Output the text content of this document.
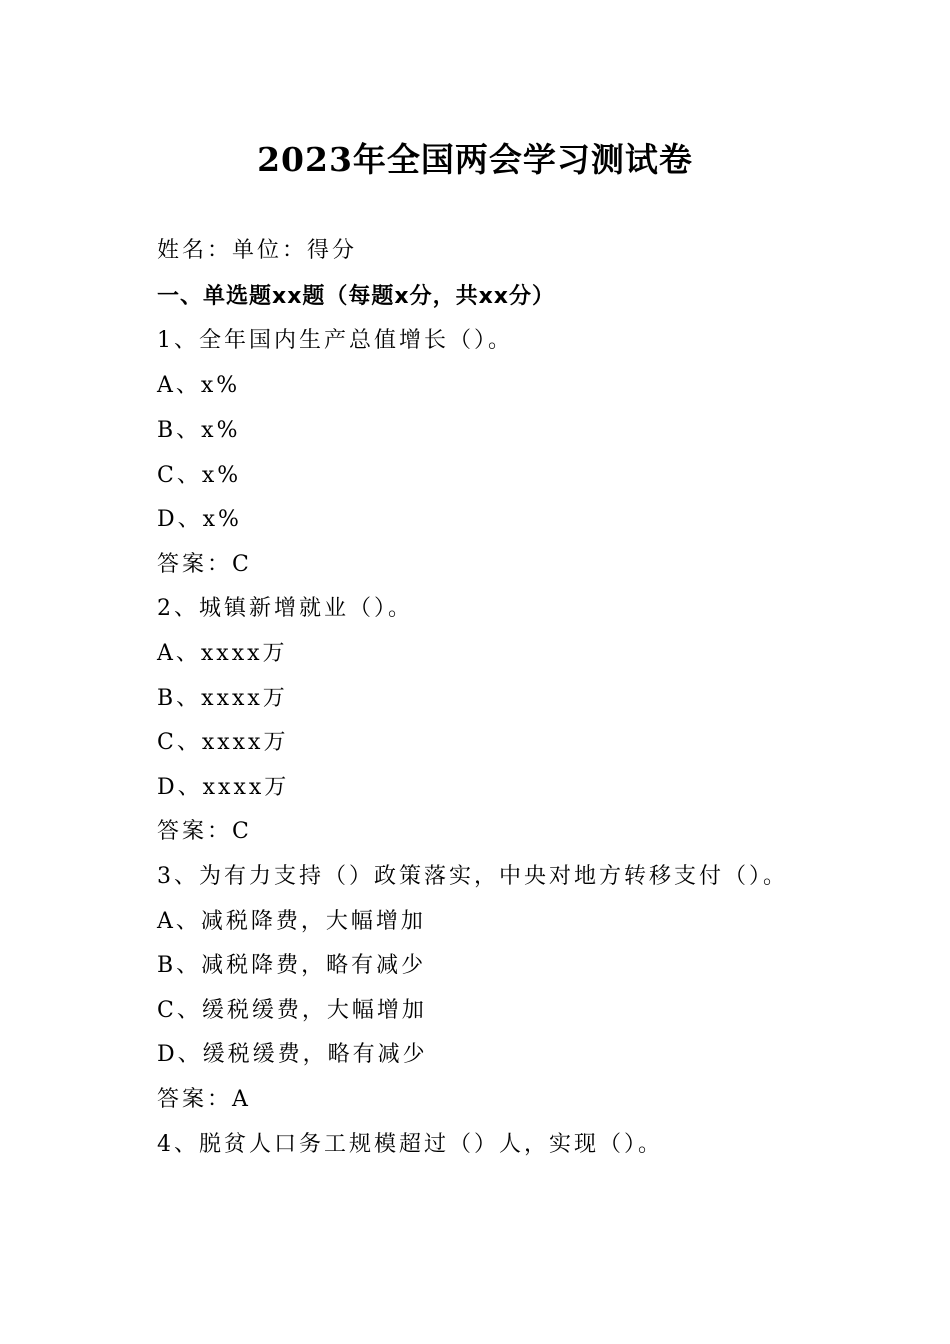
2023年全国两会学习测试卷
姓名：单位：得分
一、单选题xx题（每题x分，共xx分）
1、全年国内生产总值增长（）。
A、x%
B、x%
C、x%
D、x%
答案：C
2、城镇新增就业（）。
A、xxxx万
B、xxxx万
C、xxxx万
D、xxxx万
答案：C
3、为有力支持（）政策落实，中央对地方转移支付（）。
A、减税降费，大幅增加
B、减税降费，略有减少
C、缓税缓费，大幅增加
D、缓税缓费，略有减少
答案：A
4、脱贫人口务工规模超过（）人，实现（）。
